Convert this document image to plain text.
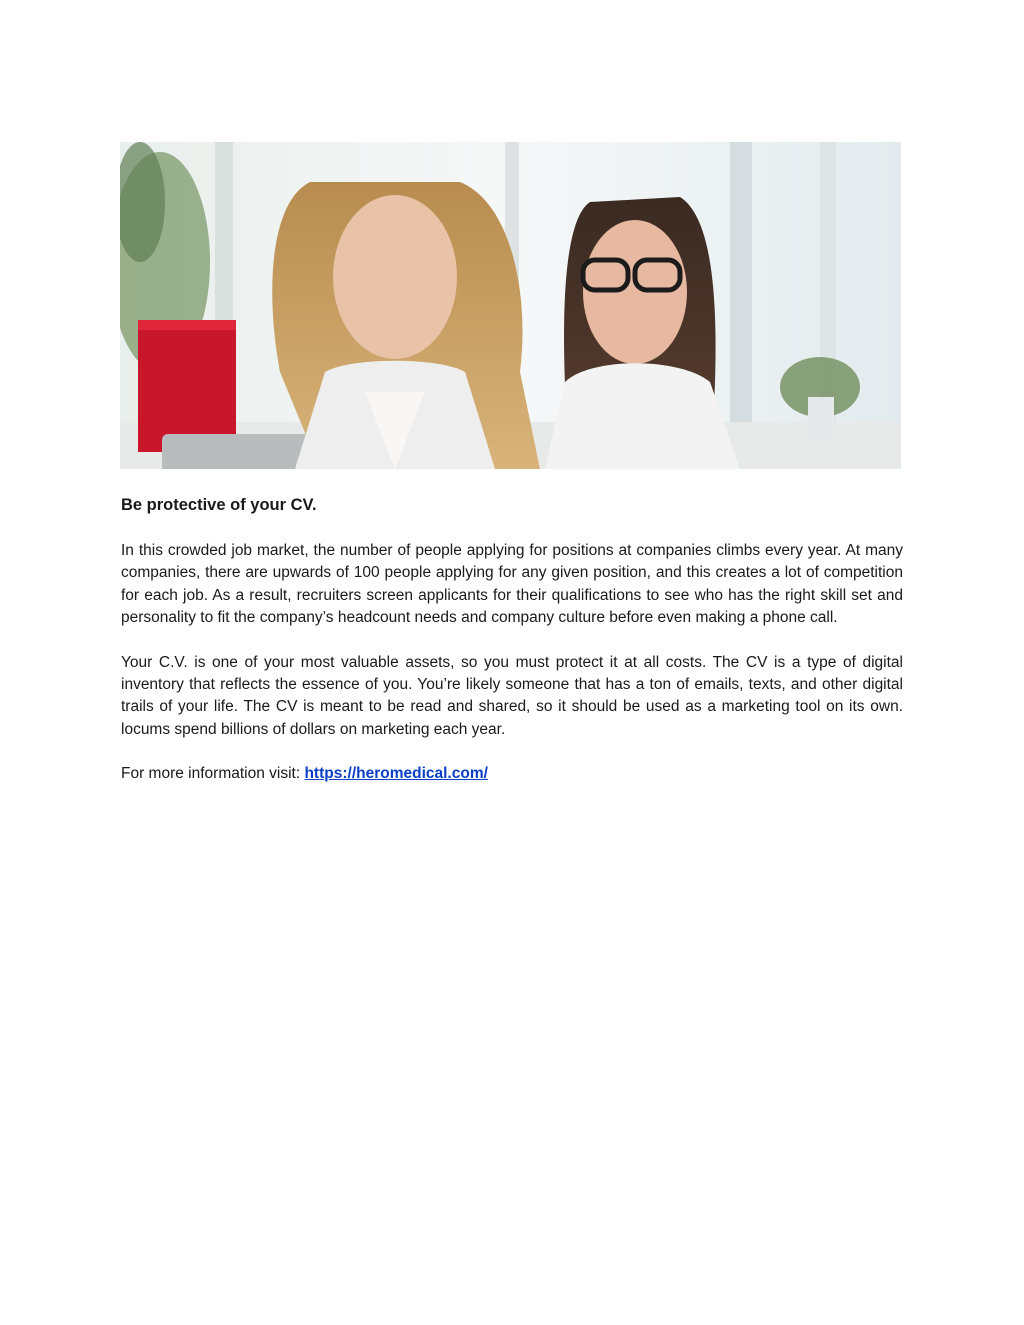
Be protective of your CV.

In this crowded job market, the number of people applying for positions at companies climbs every year. At many companies, there are upwards of 100 people applying for any given position, and this creates a lot of competition for each job. As a result, recruiters screen applicants for their qualifications to see who has the right skill set and personality to fit the company’s headcount needs and company culture before even making a phone call.

Your C.V. is one of your most valuable assets, so you must protect it at all costs. The CV is a type of digital inventory that reflects the essence of you. You’re likely someone that has a ton of emails, texts, and other digital trails of your life. The CV is meant to be read and shared, so it should be used as a marketing tool on its own. locums spend billions of dollars on marketing each year.

For more information visit: https://heromedical.com/
